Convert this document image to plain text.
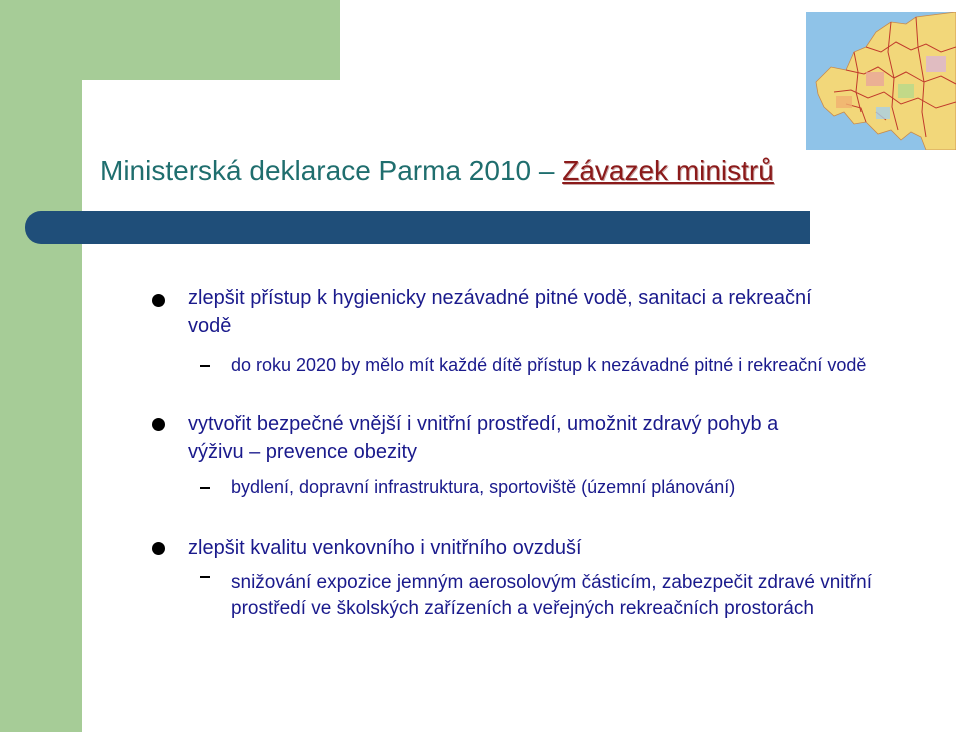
Ministerská deklarace Parma 2010 – Závazek ministrů
zlepšit přístup k hygienicky nezávadné pitné vodě, sanitaci a rekreační vodě
do roku 2020 by mělo mít každé dítě přístup k nezávadné pitné i rekreační vodě
vytvořit bezpečné vnější i vnitřní prostředí, umožnit zdravý pohyb a výživu – prevence obezity
bydlení, dopravní infrastruktura, sportoviště (územní plánování)
zlepšit kvalitu venkovního i vnitřního ovzduší
snižování expozice jemným aerosolovým částicím, zabezpečit zdravé vnitřní prostředí ve školských zařízeních a veřejných rekreačních prostorách
